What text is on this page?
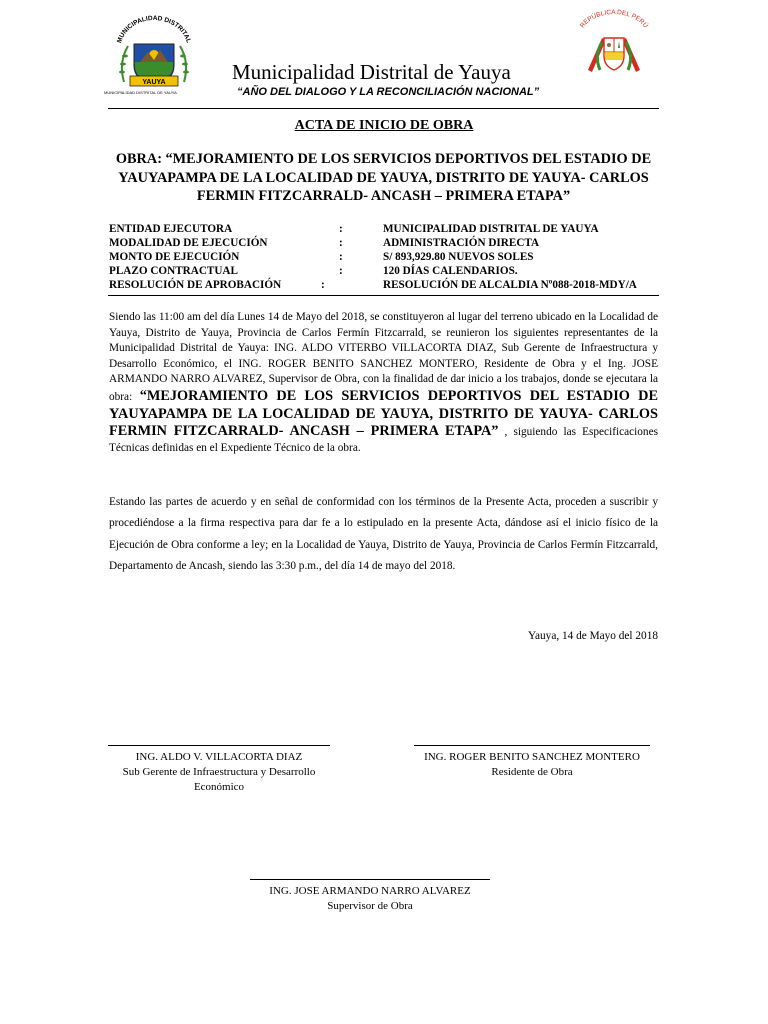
MUNICIPALIDAD DISTRITAL
YAUYA
MUNICIPALIDAD DISTRITAL DE YAUYA
Municipalidad Distrital de Yauya
“AÑO DEL DIALOGO Y LA RECONCILIACIÓN NACIONAL”
REPÚBLICA DEL PERÚ
ACTA DE INICIO DE OBRA
OBRA: “MEJORAMIENTO DE LOS SERVICIOS DEPORTIVOS DEL ESTADIO DE YAUYAPAMPA DE LA LOCALIDAD DE YAUYA, DISTRITO DE YAUYA- CARLOS FERMIN FITZCARRALD- ANCASH – PRIMERA ETAPA”
ENTIDAD EJECUTORA	:	MUNICIPALIDAD DISTRITAL DE YAUYA
MODALIDAD DE EJECUCIÓN	:	ADMINISTRACIÓN DIRECTA
MONTO DE EJECUCIÓN	:	S/ 893,929.80 NUEVOS SOLES
PLAZO CONTRACTUAL	:	120 DÍAS CALENDARIOS.
RESOLUCIÓN DE APROBACIÓN	:	RESOLUCIÓN DE ALCALDIA Nº088-2018-MDY/A
Siendo las 11:00 am del día Lunes 14 de Mayo del 2018, se constituyeron al lugar del terreno ubicado en la Localidad de Yauya, Distrito de Yauya, Provincia de Carlos Fermín Fitzcarrald, se reunieron los siguientes representantes de la Municipalidad Distrital de Yauya: ING. ALDO VITERBO VILLACORTA DIAZ, Sub Gerente de Infraestructura y Desarrollo Económico, el ING. ROGER BENITO SANCHEZ MONTERO, Residente de Obra y el Ing. JOSE ARMANDO NARRO ALVAREZ, Supervisor de Obra, con la finalidad de dar inicio a los trabajos, donde se ejecutara la obra: “MEJORAMIENTO DE LOS SERVICIOS DEPORTIVOS DEL ESTADIO DE YAUYAPAMPA DE LA LOCALIDAD DE YAUYA, DISTRITO DE YAUYA- CARLOS FERMIN FITZCARRALD- ANCASH – PRIMERA ETAPA” , siguiendo las Especificaciones Técnicas definidas en el Expediente Técnico de la obra.
Estando las partes de acuerdo y en señal de conformidad con los términos de la Presente Acta, proceden a suscribir y procediéndose a la firma respectiva para dar fe a lo estipulado en la presente Acta, dándose así el inicio físico de la Ejecución de Obra conforme a ley; en la Localidad de Yauya, Distrito de Yauya, Provincia de Carlos Fermín Fitzcarrald, Departamento de Ancash, siendo las 3:30 p.m., del día 14 de mayo del 2018.
Yauya, 14 de Mayo del 2018
ING. ALDO V. VILLACORTA DIAZ
Sub Gerente de Infraestructura y Desarrollo Económico
ING. ROGER BENITO SANCHEZ MONTERO
Residente de Obra
ING. JOSE ARMANDO NARRO ALVAREZ
Supervisor de Obra
